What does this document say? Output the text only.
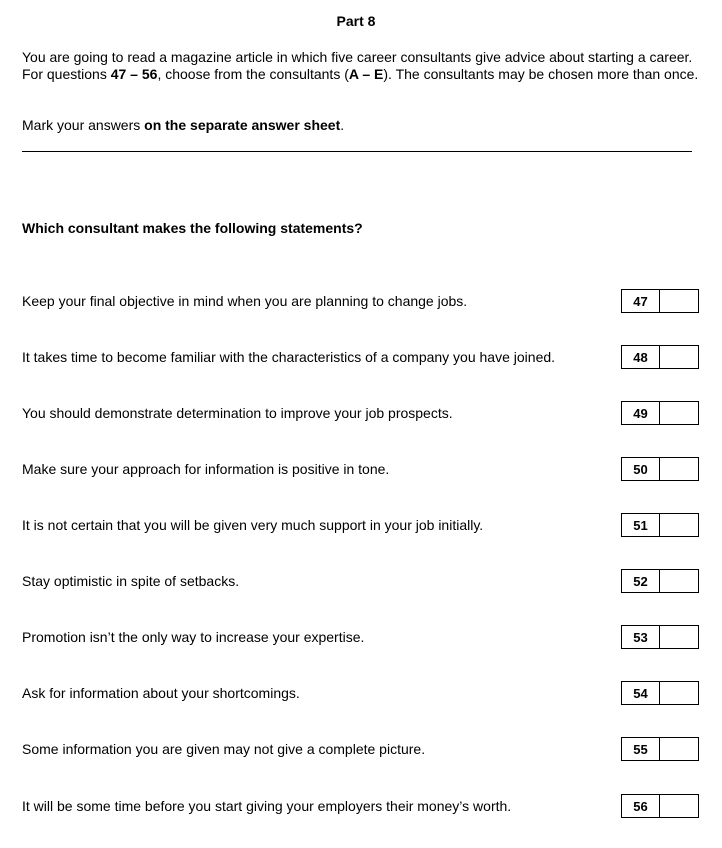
Part 8
You are going to read a magazine article in which five career consultants give advice about starting a career. For questions 47 – 56, choose from the consultants (A – E). The consultants may be chosen more than once.
Mark your answers on the separate answer sheet.
Which consultant makes the following statements?
Keep your final objective in mind when you are planning to change jobs.	47
It takes time to become familiar with the characteristics of a company you have joined.	48
You should demonstrate determination to improve your job prospects.	49
Make sure your approach for information is positive in tone.	50
It is not certain that you will be given very much support in your job initially.	51
Stay optimistic in spite of setbacks.	52
Promotion isn’t the only way to increase your expertise.	53
Ask for information about your shortcomings.	54
Some information you are given may not give a complete picture.	55
It will be some time before you start giving your employers their money’s worth.	56
